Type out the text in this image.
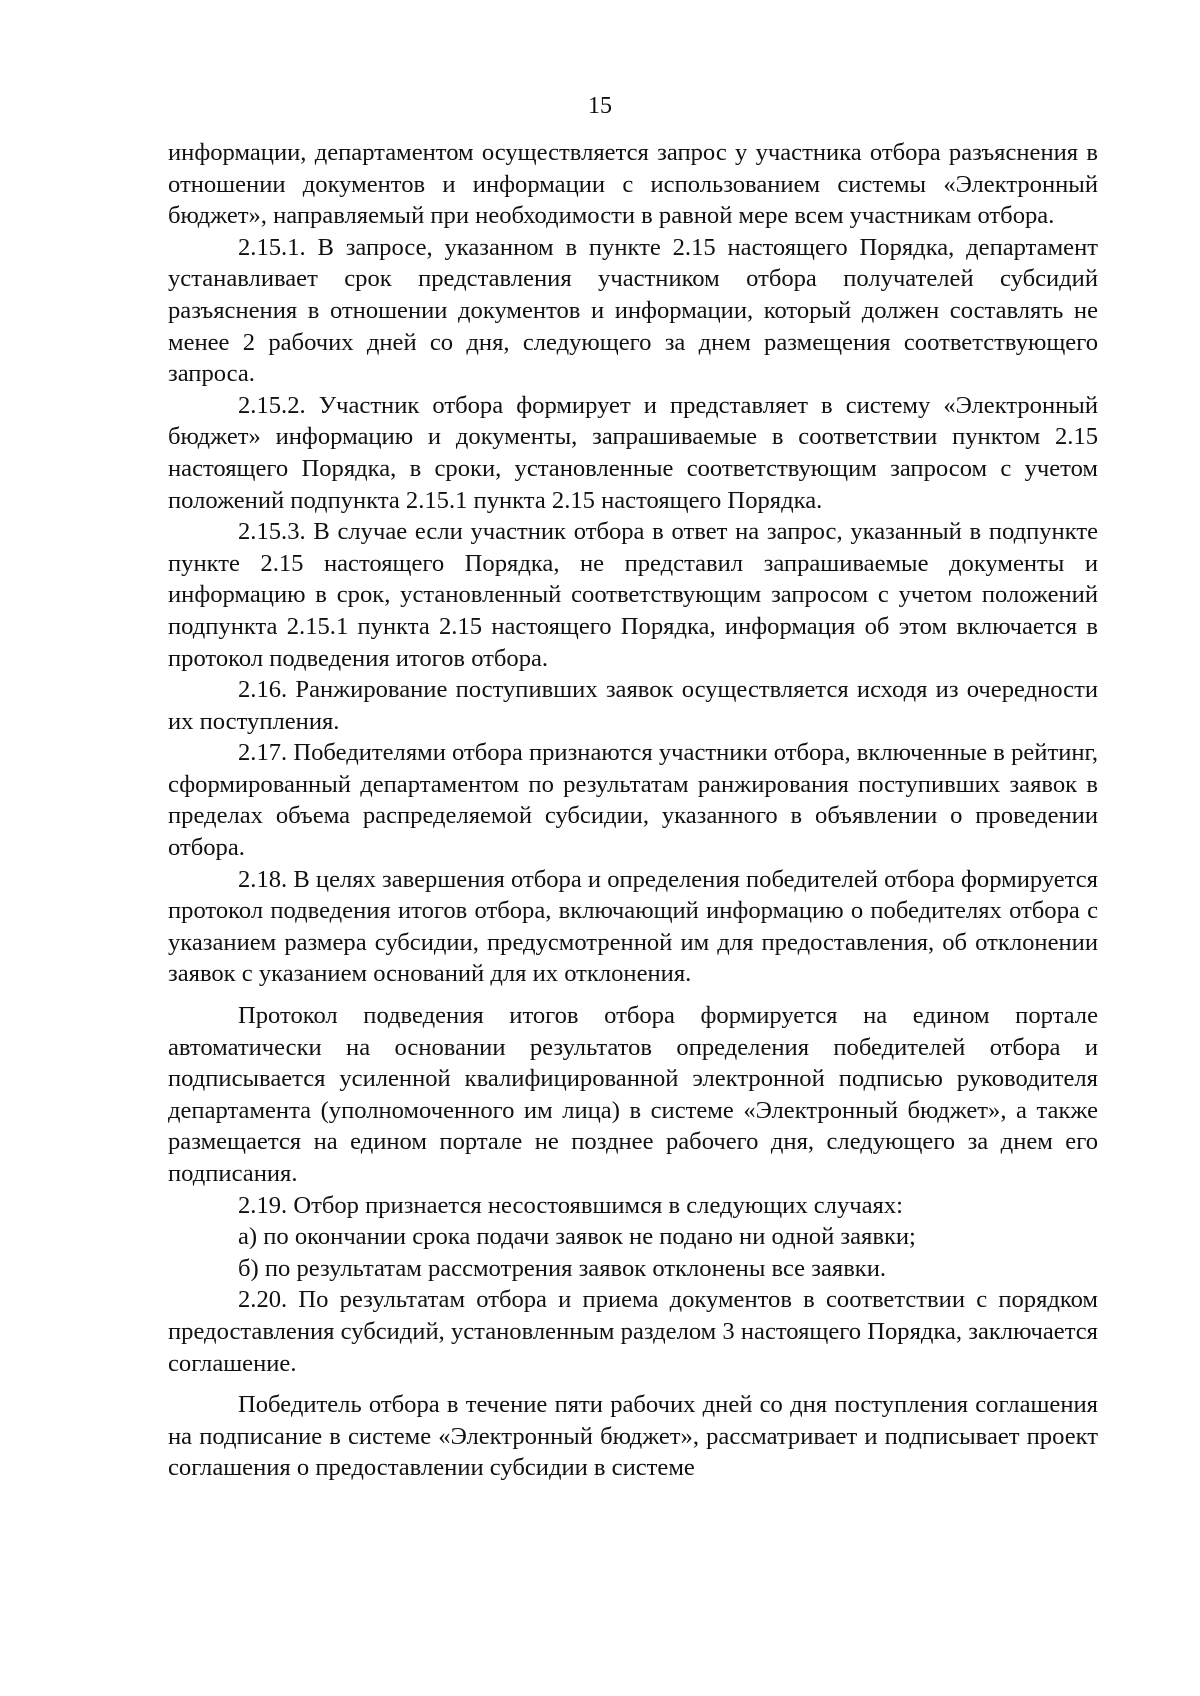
15

информации, департаментом осуществляется запрос у участника отбора разъяснения в отношении документов и информации с использованием системы «Электронный бюджет», направляемый при необходимости в равной мере всем участникам отбора.

2.15.1. В запросе, указанном в пункте 2.15 настоящего Порядка, департамент устанавливает срок представления участником отбора получателей субсидий разъяснения в отношении документов и информации, который должен составлять не менее 2 рабочих дней со дня, следующего за днем размещения соответствующего запроса.

2.15.2. Участник отбора формирует и представляет в систему «Электронный бюджет» информацию и документы, запрашиваемые в соответствии пунктом 2.15 настоящего Порядка, в сроки, установленные соответствующим запросом с учетом положений подпункта 2.15.1 пункта 2.15 настоящего Порядка.

2.15.3. В случае если участник отбора в ответ на запрос, указанный в подпункте пункте 2.15 настоящего Порядка, не представил запрашиваемые документы и информацию в срок, установленный соответствующим запросом с учетом положений подпункта 2.15.1 пункта 2.15 настоящего Порядка, информация об этом включается в протокол подведения итогов отбора.

2.16. Ранжирование поступивших заявок осуществляется исходя из очередности их поступления.

2.17. Победителями отбора признаются участники отбора, включенные в рейтинг, сформированный департаментом по результатам ранжирования поступивших заявок в пределах объема распределяемой субсидии, указанного в объявлении о проведении отбора.

2.18. В целях завершения отбора и определения победителей отбора формируется протокол подведения итогов отбора, включающий информацию о победителях отбора с указанием размера субсидии, предусмотренной им для предоставления, об отклонении заявок с указанием оснований для их отклонения.

Протокол подведения итогов отбора формируется на едином портале автоматически на основании результатов определения победителей отбора и подписывается усиленной квалифицированной электронной подписью руководителя департамента (уполномоченного им лица) в системе «Электронный бюджет», а также размещается на едином портале не позднее рабочего дня, следующего за днем его подписания.

2.19. Отбор признается несостоявшимся в следующих случаях:

а) по окончании срока подачи заявок не подано ни одной заявки;

б) по результатам рассмотрения заявок отклонены все заявки.

2.20. По результатам отбора и приема документов в соответствии с порядком предоставления субсидий, установленным разделом 3 настоящего Порядка, заключается соглашение.

Победитель отбора в течение пяти рабочих дней со дня поступления соглашения на подписание в системе «Электронный бюджет», рассматривает и подписывает проект соглашения о предоставлении субсидии в системе
